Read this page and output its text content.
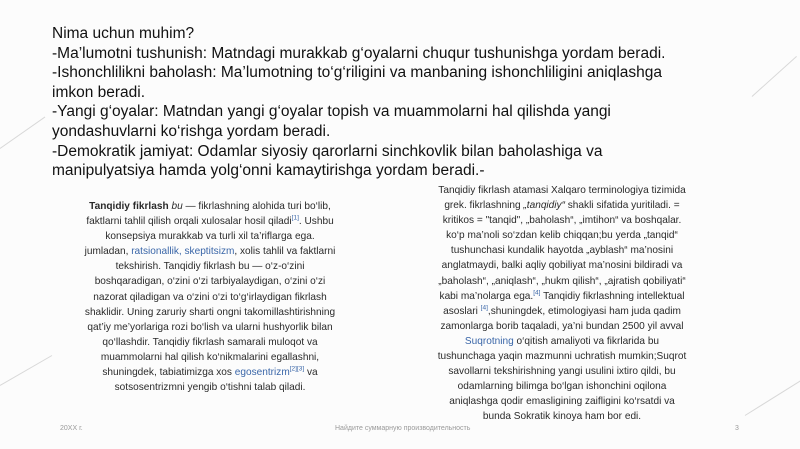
Nima uchun muhim?
-Ma’lumotni tushunish: Matndagi murakkab g‘oyalarni chuqur tushunishga yordam beradi.
-Ishonchlilikni baholash: Ma’lumotning to‘g‘riligini va manbaning ishonchliligini aniqlashga
imkon beradi.
-Yangi g‘oyalar: Matndan yangi g‘oyalar topish va muammolarni hal qilishda yangi
yondashuvlarni ko‘rishga yordam beradi.
-Demokratik jamiyat: Odamlar siyosiy qarorlarni sinchkovlik bilan baholashiga va
manipulyatsiya hamda yolg‘onni kamaytirishga yordam beradi.-
Tanqidiy fikrlash bu — fikrlashning alohida turi bo‘lib,
faktlarni tahlil qilish orqali xulosalar hosil qiladi[1]. Ushbu
konsepsiya murakkab va turli xil ta’riflarga ega.
jumladan, ratsionallik, skeptitsizm, xolis tahlil va faktlarni
tekshirish. Tanqidiy fikrlash bu — o‘z-o‘zini
boshqaradigan, o‘zini o‘zi tarbiyalaydigan, o‘zini o‘zi
nazorat qiladigan va o‘zini o‘zi to‘g‘irlaydigan fikrlash
shaklidir. Uning zaruriy sharti ongni takomillashtirishning
qat’iy me’yorlariga rozi bo‘lish va ularni hushyorlik bilan
qo‘llashdir. Tanqidiy fikrlash samarali muloqot va
muammolarni hal qilish ko‘nikmalarini egallashni,
shuningdek, tabiatimizga xos egosentrizm[2][3] va
sotsosentrizmni yengib o‘tishni talab qiladi.
Tanqidiy fikrlash atamasi Xalqaro terminologiya tizimida
grek. fikrlashning „tanqidiy“ shakli sifatida yuritiladi. =
kritikos = "tanqid", „baholash“, „imtihon“ va boshqalar.
ko‘p ma’noli so‘zdan kelib chiqqan;bu yerda „tanqid“
tushunchasi kundalik hayotda „ayblash“ ma’nosini
anglatmaydi, balki aqliy qobiliyat ma’nosini bildiradi va
„baholash“, „aniqlash“, „hukm qilish“, „ajratish qobiliyati“
kabi ma’nolarga ega.[4] Tanqidiy fikrlashning intellektual
asoslari [4],shuningdek, etimologiyasi ham juda qadim
zamonlarga borib taqaladi, ya’ni bundan 2500 yil avval
Suqrotning o‘qitish amaliyoti va fikrlarida bu
tushunchaga yaqin mazmunni uchratish mumkin;Suqrot
savollarni tekshirishning yangi usulini ixtiro qildi, bu
odamlarning bilimga bo‘lgan ishonchini oqilona
aniqlashga qodir emasligining zaifligini ko‘rsatdi va
bunda Sokratik kinoya ham bor edi.
20XX г.	Найдите суммарную производительность	3
